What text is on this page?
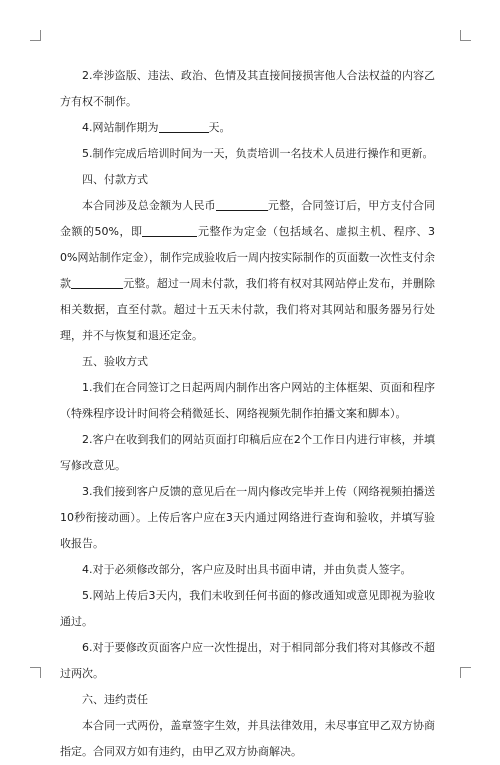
2.牵涉盗版、违法、政治、色情及其直接间接损害他人合法权益的内容乙方有权不制作。

4.网站制作期为	天。

5.制作完成后培训时间为一天，负责培训一名技术人员进行操作和更新。

四、付款方式

本合同涉及总金额为人民币	元整，合同签订后，甲方支付合同金额的50%，即	元整作为定金（包括域名、虚拟主机、程序、30%网站制作定金），制作完成验收后一周内按实际制作的页面数一次性支付余款	元整。超过一周未付款，我们将有权对其网站停止发布，并删除相关数据，直至付款。超过十五天未付款，我们将对其网站和服务器另行处理，并不与恢复和退还定金。

五、验收方式

1.我们在合同签订之日起两周内制作出客户网站的主体框架、页面和程序（特殊程序设计时间将会稍微延长、网络视频先制作拍播文案和脚本）。

2.客户在收到我们的网站页面打印稿后应在2个工作日内进行审核，并填写修改意见。

3.我们接到客户反馈的意见后在一周内修改完毕并上传（网络视频拍播送10秒衔接动画）。上传后客户应在3天内通过网络进行查询和验收，并填写验收报告。

4.对于必须修改部分，客户应及时出具书面申请，并由负责人签字。

5.网站上传后3天内，我们未收到任何书面的修改通知或意见即视为验收通过。

6.对于要修改页面客户应一次性提出，对于相同部分我们将对其修改不超过两次。

六、违约责任

本合同一式两份，盖章签字生效，并具法律效用，未尽事宜甲乙双方协商指定。合同双方如有违约，由甲乙双方协商解决。
